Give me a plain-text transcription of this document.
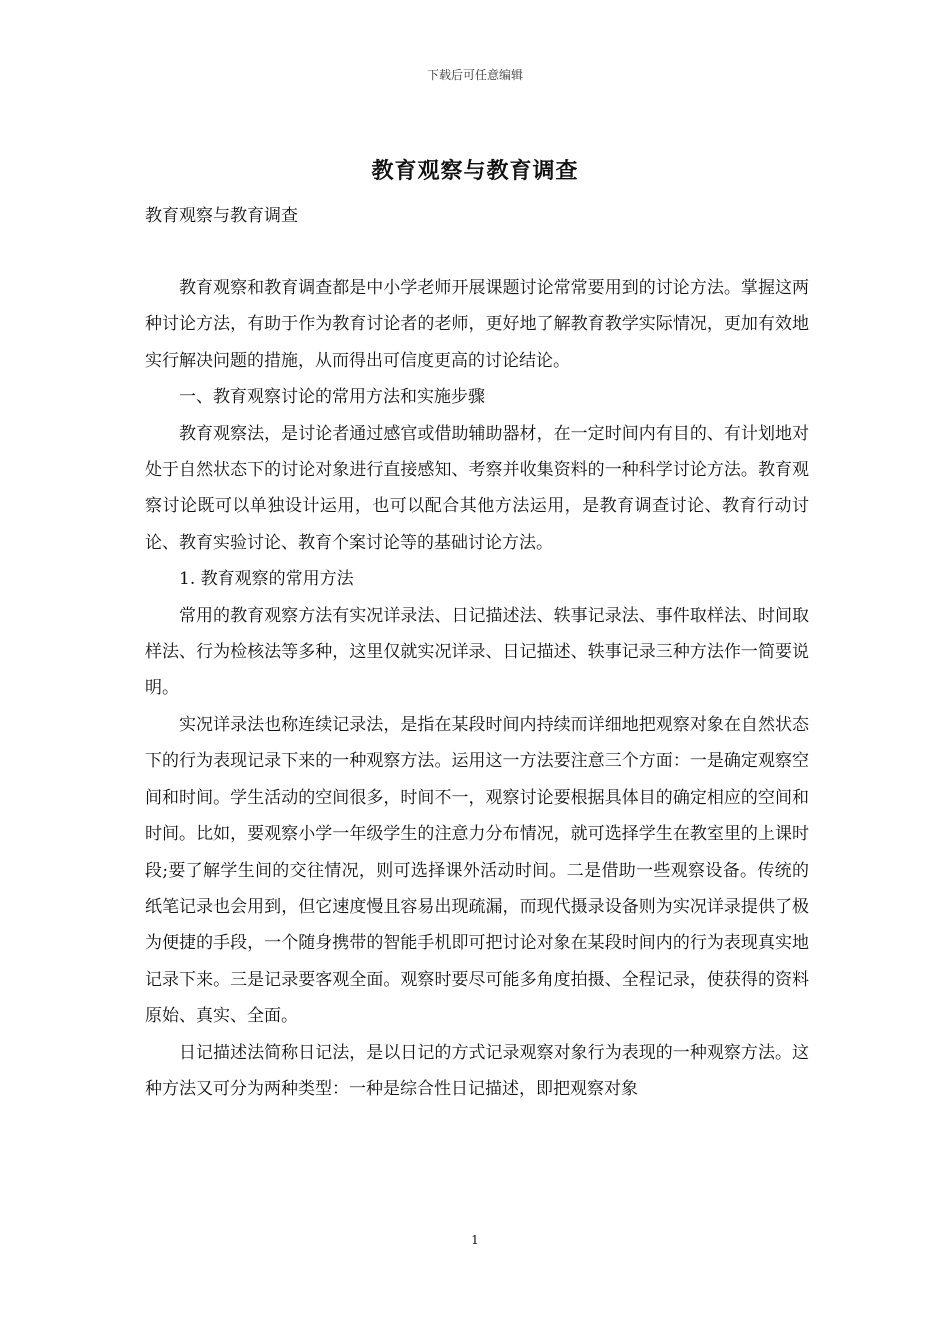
下载后可任意编辑
教育观察与教育调查
教育观察与教育调查

教育观察和教育调查都是中小学老师开展课题讨论常常要用到的讨论方法。掌握这两种讨论方法，有助于作为教育讨论者的老师，更好地了解教育教学实际情况，更加有效地实行解决问题的措施，从而得出可信度更高的讨论结论。

一、教育观察讨论的常用方法和实施步骤

教育观察法，是讨论者通过感官或借助辅助器材，在一定时间内有目的、有计划地对处于自然状态下的讨论对象进行直接感知、考察并收集资料的一种科学讨论方法。教育观察讨论既可以单独设计运用，也可以配合其他方法运用，是教育调查讨论、教育行动讨论、教育实验讨论、教育个案讨论等的基础讨论方法。

1. 教育观察的常用方法

常用的教育观察方法有实况详录法、日记描述法、轶事记录法、事件取样法、时间取样法、行为检核法等多种，这里仅就实况详录、日记描述、轶事记录三种方法作一简要说明。

实况详录法也称连续记录法，是指在某段时间内持续而详细地把观察对象在自然状态下的行为表现记录下来的一种观察方法。运用这一方法要注意三个方面：一是确定观察空间和时间。学生活动的空间很多，时间不一，观察讨论要根据具体目的确定相应的空间和时间。比如，要观察小学一年级学生的注意力分布情况，就可选择学生在教室里的上课时段;要了解学生间的交往情况，则可选择课外活动时间。二是借助一些观察设备。传统的纸笔记录也会用到，但它速度慢且容易出现疏漏，而现代摄录设备则为实况详录提供了极为便捷的手段，一个随身携带的智能手机即可把讨论对象在某段时间内的行为表现真实地记录下来。三是记录要客观全面。观察时要尽可能多角度拍摄、全程记录，使获得的资料原始、真实、全面。

日记描述法简称日记法，是以日记的方式记录观察对象行为表现的一种观察方法。这种方法又可分为两种类型：一种是综合性日记描述，即把观察对象

1
